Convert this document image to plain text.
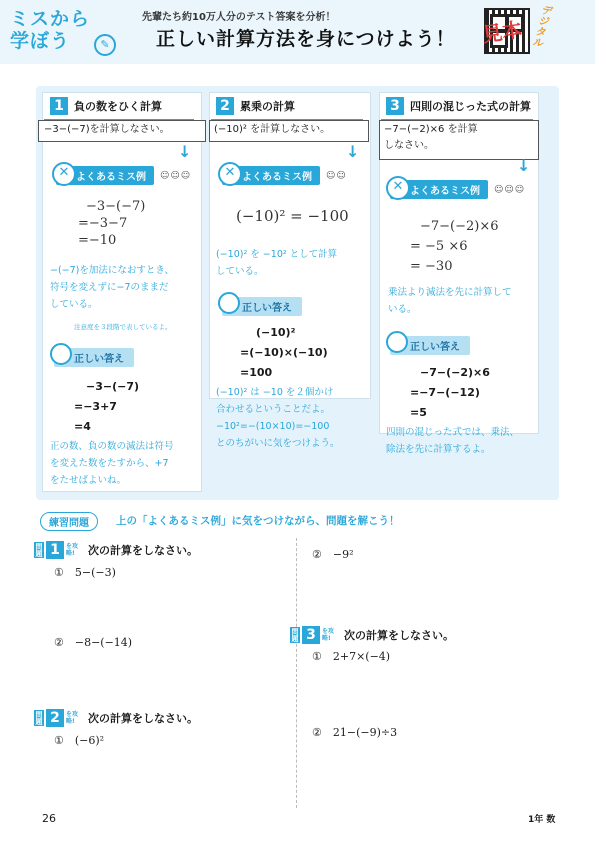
ミスから学ぼう	✎
先輩たち約10万人分のテスト答案を分析！
正しい計算方法を身につけよう！ 見本 デジタル
1 負の数をひく計算
−3−(−7)を計算しなさい。
↓
✕ よくあるミス例	☺☺☺
−3−(−7)
=−3−7
=−10
−(−7)を加法になおすとき、
符号を変えずに−7のままだ
している。
注意度を３段階で表しているよ。
正しい答え
−3−(−7)
=−3+7
=4
正の数、負の数の減法は符号
を変えた数をたすから、+7
をたせばよいね。
2 累乗の計算
(−10)² を計算しなさい。
↓
✕ よくあるミス例	☺☺
(−10)² = −100
(−10)² を −10² として計算
している。
正しい答え
(−10)²
=(−10)×(−10)
=100
(−10)² は −10 を２個かけ
合わせるということだよ。
−10²=−(10×10)=−100
とのちがいに気をつけよう。
3 四則の混じった式の計算
−7−(−2)×6 を計算
しなさい。
↓
✕ よくあるミス例	☺☺☺
−7−(−2)×6
= −5 ×6
= −30
乗法より減法を先に計算して
いる。
正しい答え
−7−(−2)×6
=−7−(−12)
=5
四則の混じった式では、乗法、
除法を先に計算するよ。
練習問題	上の「よくあるミス例」に気をつけながら、問題を解こう！
問題 1	を攻略!	次の計算をしなさい。
①　5−(−3)
②　−8−(−14)
問題 2	を攻略!	次の計算をしなさい。
①　(−6)²
②　−9²
問題 3	を攻略!	次の計算をしなさい。
①　2+7×(−4)
②　21−(−9)÷3
26	1年 数
